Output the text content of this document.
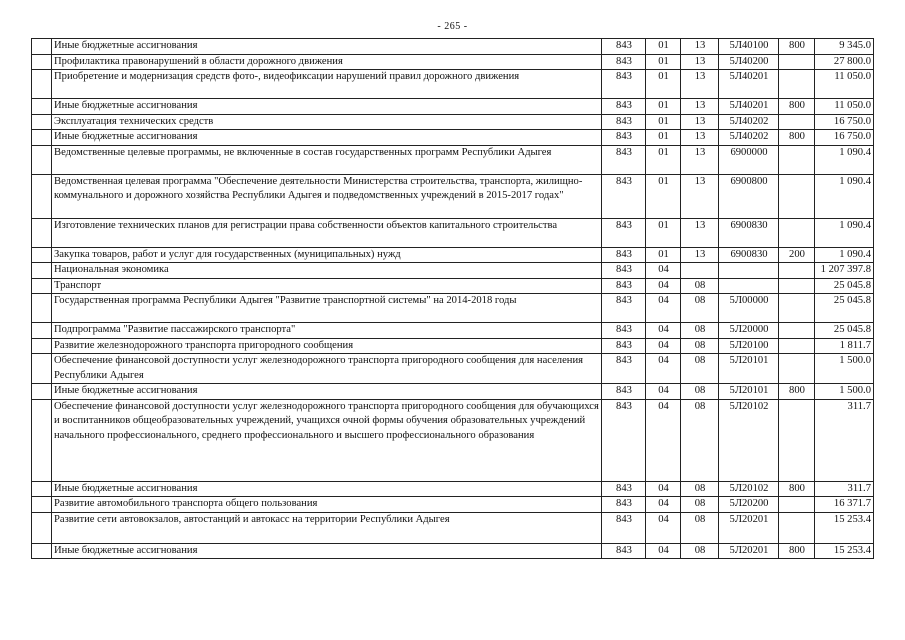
- 265 -
	Иные бюджетные ассигнования	843	01	13	5Л40100	800	9 345.0
	Профилактика правонарушений в области дорожного движения	843	01	13	5Л40200		27 800.0
	Приобретение и модернизация средств фото-, видеофиксации нарушений правил дорожного движения	843	01	13	5Л40201		11 050.0
	Иные бюджетные ассигнования	843	01	13	5Л40201	800	11 050.0
	Эксплуатация технических средств	843	01	13	5Л40202		16 750.0
	Иные бюджетные ассигнования	843	01	13	5Л40202	800	16 750.0
	Ведомственные целевые программы, не включенные в состав государственных программ Республики Адыгея	843	01	13	6900000		1 090.4
	Ведомственная целевая программа "Обеспечение деятельности Министерства строительства, транспорта, жилищно-коммунального и дорожного хозяйства Республики Адыгея и подведомственных учреждений в 2015-2017 годах"	843	01	13	6900800		1 090.4
	Изготовление технических планов для регистрации права собственности объектов капитального строительства	843	01	13	6900830		1 090.4
	Закупка товаров, работ и услуг для государственных (муниципальных) нужд	843	01	13	6900830	200	1 090.4
	Национальная экономика	843	04				1 207 397.8
	Транспорт	843	04	08			25 045.8
	Государственная программа Республики Адыгея "Развитие транспортной системы" на 2014-2018 годы	843	04	08	5Л00000		25 045.8
	Подпрограмма "Развитие пассажирского транспорта"	843	04	08	5Л20000		25 045.8
	Развитие железнодорожного транспорта пригородного сообщения	843	04	08	5Л20100		1 811.7
	Обеспечение финансовой доступности услуг железнодорожного транспорта пригородного сообщения для населения Республики Адыгея	843	04	08	5Л20101		1 500.0
	Иные бюджетные ассигнования	843	04	08	5Л20101	800	1 500.0
	Обеспечение финансовой доступности услуг железнодорожного транспорта пригородного сообщения для обучающихся и воспитанников общеобразовательных учреждений, учащихся очной формы обучения образовательных учреждений начального профессионального, среднего профессионального и высшего профессионального образования	843	04	08	5Л20102		311.7
	Иные бюджетные ассигнования	843	04	08	5Л20102	800	311.7
	Развитие автомобильного транспорта общего пользования	843	04	08	5Л20200		16 371.7
	Развитие сети автовокзалов, автостанций и автокасс на территории Республики Адыгея	843	04	08	5Л20201		15 253.4
	Иные бюджетные ассигнования	843	04	08	5Л20201	800	15 253.4
